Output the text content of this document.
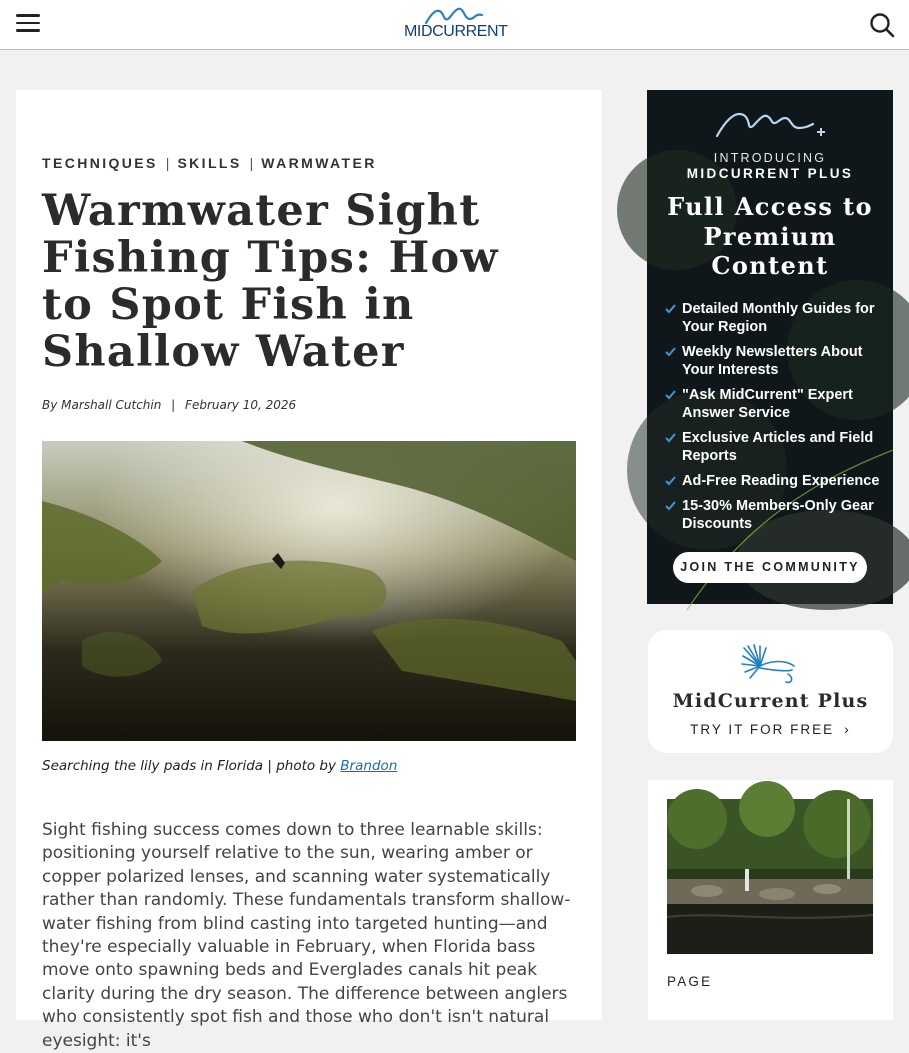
MIDCURRENT
TECHNIQUES | SKILLS | WARMWATER
Warmwater Sight Fishing Tips: How to Spot Fish in Shallow Water
By Marshall Cutchin | February 10, 2026
Searching the lily pads in Florida | photo by Brandon

Sight fishing success comes down to three learnable skills: positioning yourself relative to the sun, wearing amber or copper polarized lenses, and scanning water systematically rather than randomly. These fundamentals transform shallow-water fishing from blind casting into targeted hunting—and they're especially valuable in February, when Florida bass move onto spawning beds and Everglades canals hit peak clarity during the dry season. The difference between anglers who consistently spot fish and those who don't isn't natural eyesight: it's

INTRODUCING
MIDCURRENT PLUS
Full Access to Premium Content
Detailed Monthly Guides for Your Region
Weekly Newsletters About Your Interests
"Ask MidCurrent" Expert Answer Service
Exclusive Articles and Field Reports
Ad-Free Reading Experience
15-30% Members-Only Gear Discounts
JOIN THE COMMUNITY
MidCurrent Plus
TRY IT FOR FREE ›
PAGE
